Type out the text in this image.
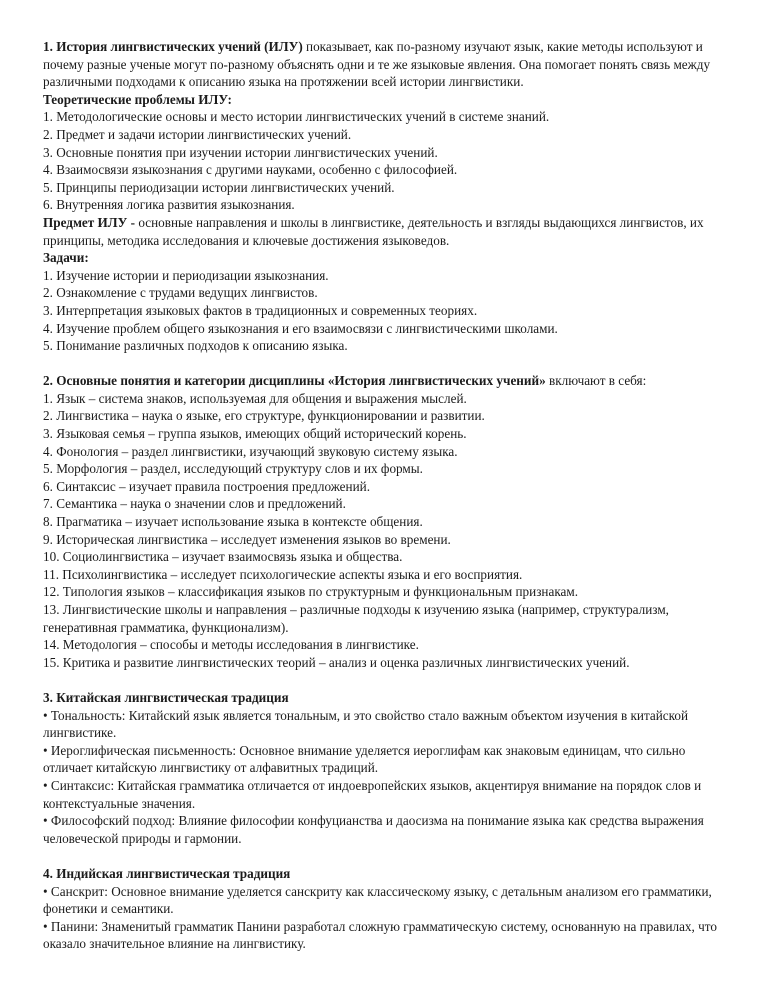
1. История лингвистических учений (ИЛУ) показывает, как по-разному изучают язык, какие методы используют и почему разные ученые могут по-разному объяснять одни и те же языковые явления. Она помогает понять связь между различными подходами к описанию языка на протяжении всей истории лингвистики.

Теоретические проблемы ИЛУ:

1. Методологические основы и место истории лингвистических учений в системе знаний.

2. Предмет и задачи истории лингвистических учений.

3. Основные понятия при изучении истории лингвистических учений.

4. Взаимосвязи языкознания с другими науками, особенно с философией.

5. Принципы периодизации истории лингвистических учений.

6. Внутренняя логика развития языкознания.

Предмет ИЛУ - основные направления и школы в лингвистике, деятельность и взгляды выдающихся лингвистов, их принципы, методика исследования и ключевые достижения языковедов.

Задачи:

1. Изучение истории и периодизации языкознания.

2. Ознакомление с трудами ведущих лингвистов.

3. Интерпретация языковых фактов в традиционных и современных теориях.

4. Изучение проблем общего языкознания и его взаимосвязи с лингвистическими школами.

5. Понимание различных подходов к описанию языка.

2. Основные понятия и категории дисциплины «История лингвистических учений» включают в себя:

1. Язык – система знаков, используемая для общения и выражения мыслей.

2. Лингвистика – наука о языке, его структуре, функционировании и развитии.

3. Языковая семья – группа языков, имеющих общий исторический корень.

4. Фонология – раздел лингвистики, изучающий звуковую систему языка.

5. Морфология – раздел, исследующий структуру слов и их формы.

6. Синтаксис – изучает правила построения предложений.

7. Семантика – наука о значении слов и предложений.

8. Прагматика – изучает использование языка в контексте общения.

9. Историческая лингвистика – исследует изменения языков во времени.

10. Социолингвистика – изучает взаимосвязь языка и общества.

11. Психолингвистика – исследует психологические аспекты языка и его восприятия.

12. Типология языков – классификация языков по структурным и функциональным признакам.

13. Лингвистические школы и направления – различные подходы к изучению языка (например, структурализм, генеративная грамматика, функционализм).

14. Методология – способы и методы исследования в лингвистике.

15. Критика и развитие лингвистических теорий – анализ и оценка различных лингвистических учений.

3. Китайская лингвистическая традиция

• Тональность: Китайский язык является тональным, и это свойство стало важным объектом изучения в китайской лингвистике.

• Иероглифическая письменность: Основное внимание уделяется иероглифам как знаковым единицам, что сильно отличает китайскую лингвистику от алфавитных традиций.

• Синтаксис: Китайская грамматика отличается от индоевропейских языков, акцентируя внимание на порядок слов и контекстуальные значения.

• Философский подход: Влияние философии конфуцианства и даосизма на понимание языка как средства выражения человеческой природы и гармонии.

4. Индийская лингвистическая традиция

• Санскрит: Основное внимание уделяется санскриту как классическому языку, с детальным анализом его грамматики, фонетики и семантики.

• Панини: Знаменитый грамматик Панини разработал сложную грамматическую систему, основанную на правилах, что оказало значительное влияние на лингвистику.
